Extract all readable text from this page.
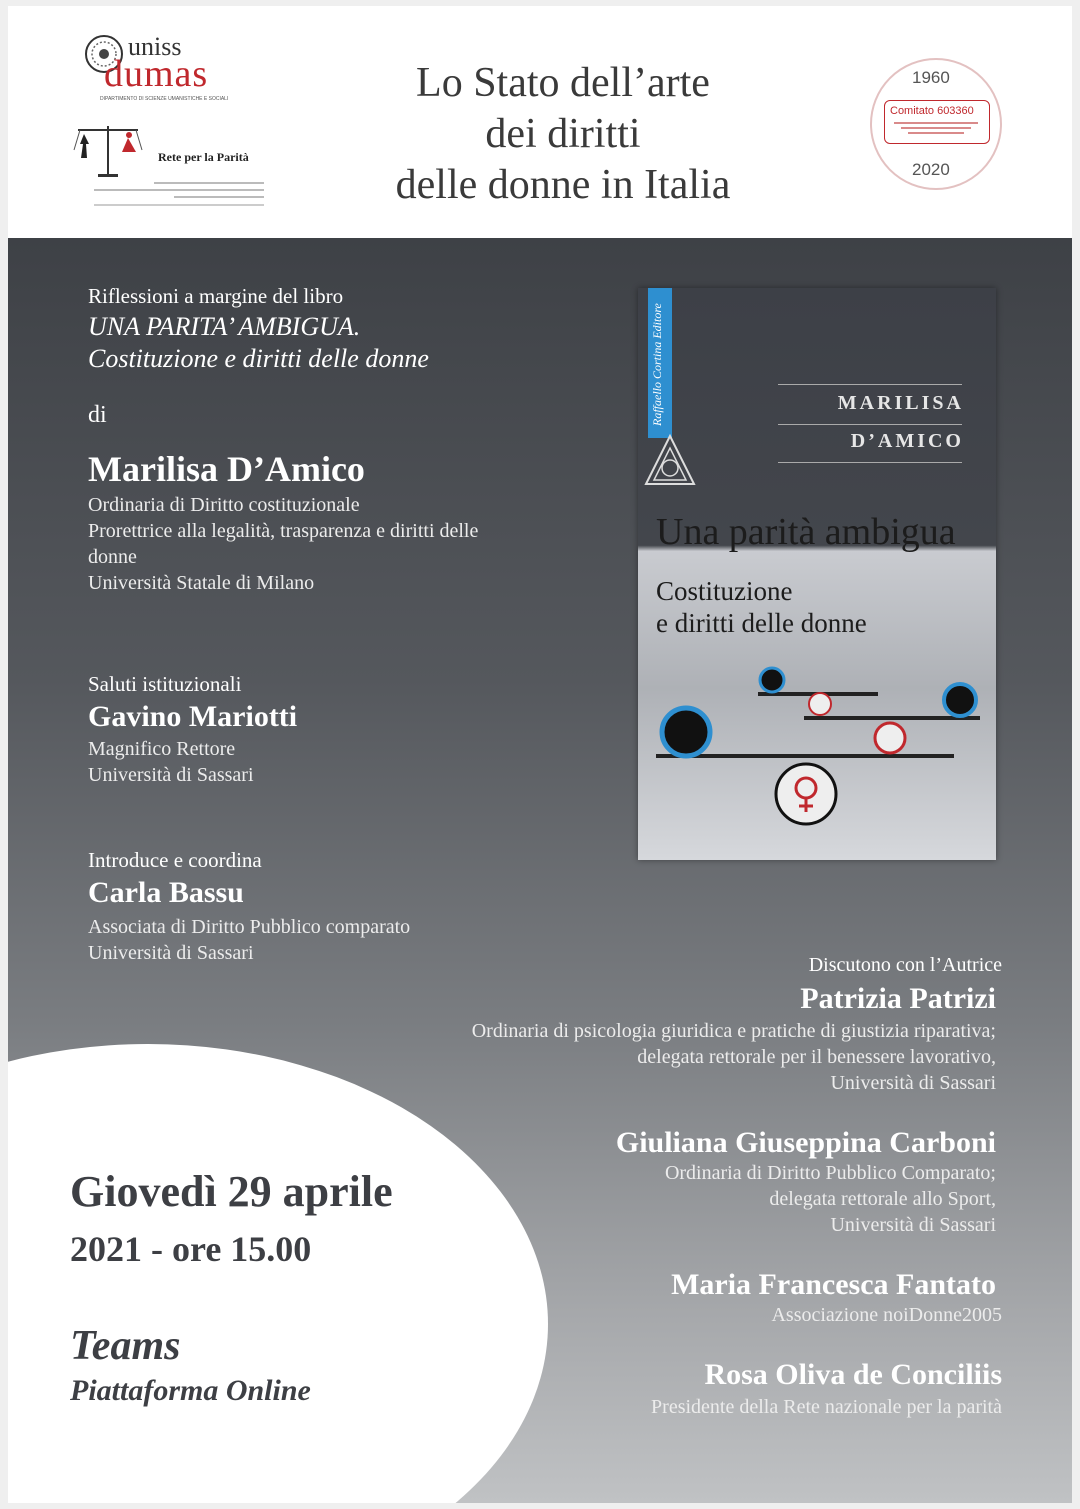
uniss
dumas
DIPARTIMENTO DI SCIENZE UMANISTICHE E SOCIALI
Rete per la Parità
Lo Stato dell’arte
dei diritti
delle donne in Italia
1960
Comitato 603360
2020
Riflessioni a margine del libro
UNA PARITA’ AMBIGUA.
Costituzione e diritti delle donne
di
Marilisa D’Amico
Ordinaria di Diritto costituzionale
Prorettrice alla legalità, trasparenza e diritti delle
donne
Università Statale di Milano
Saluti istituzionali
Gavino Mariotti
Magnifico Rettore
Università di Sassari
Introduce e coordina
Carla Bassu
Associata di Diritto Pubblico comparato
Università di Sassari
Raffaello Cortina Editore	MARILISA
D’AMICO
Una parità ambigua
Costituzione
e diritti delle donne
Discutono con l’Autrice
Patrizia Patrizi
Ordinaria di psicologia giuridica e pratiche di giustizia riparativa;
delegata rettorale per il benessere lavorativo,
Università di Sassari
Giuliana Giuseppina Carboni
Ordinaria di Diritto Pubblico Comparato;
delegata rettorale allo Sport,
Università di Sassari
Maria Francesca Fantato
Associazione noiDonne2005
Rosa Oliva de Conciliis
Presidente della Rete nazionale per la parità
Giovedì 29 aprile
2021 - ore 15.00
Teams
Piattaforma Online
